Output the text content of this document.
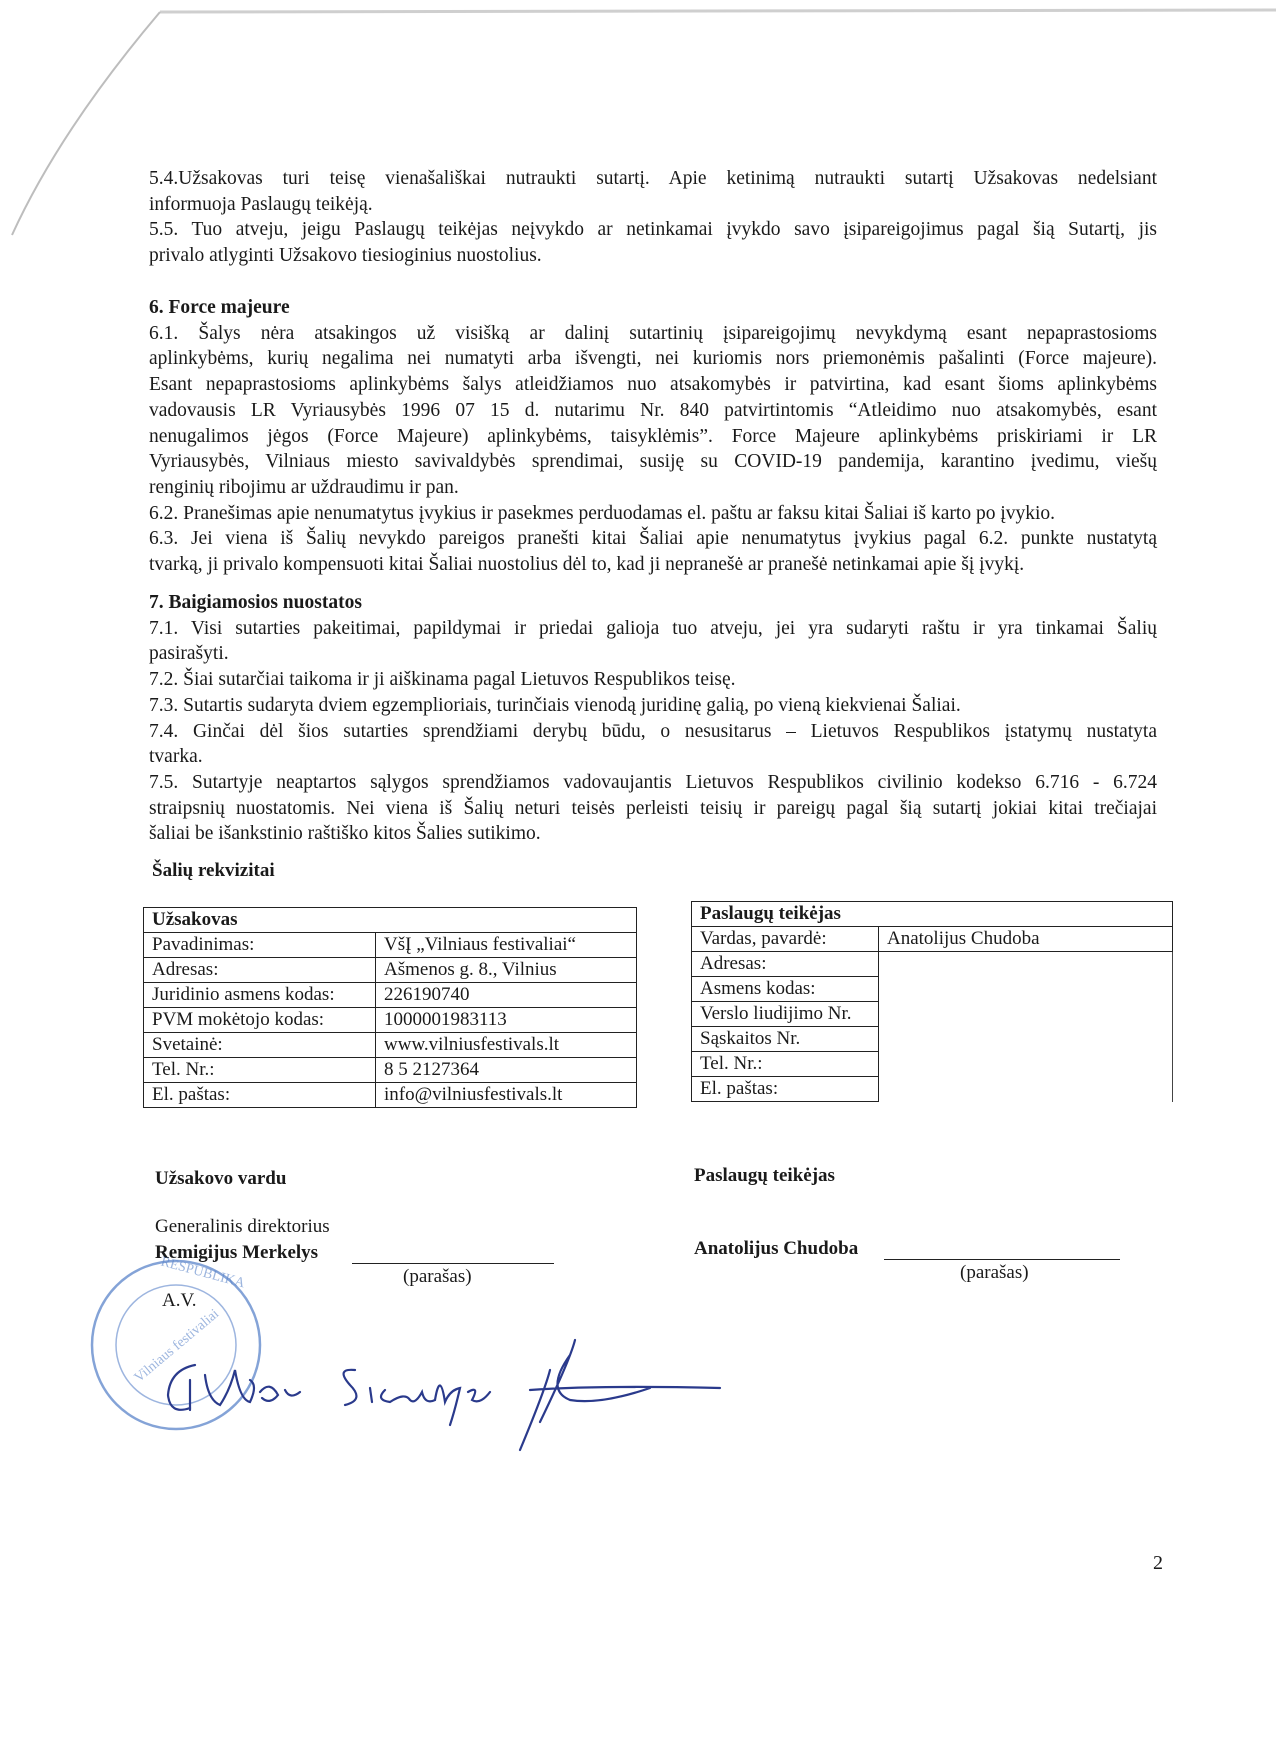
5.4.Užsakovas turi teisę vienašališkai nutraukti sutartį. Apie ketinimą nutraukti sutartį Užsakovas nedelsiant
informuoja Paslaugų teikėją.
5.5. Tuo atveju, jeigu Paslaugų teikėjas neįvykdo ar netinkamai įvykdo savo įsipareigojimus pagal šią Sutartį, jis
privalo atlyginti Užsakovo tiesioginius nuostolius.
6. Force majeure
6.1. Šalys nėra atsakingos už visišką ar dalinį sutartinių įsipareigojimų nevykdymą esant nepaprastosioms
aplinkybėms, kurių negalima nei numatyti arba išvengti, nei kuriomis nors priemonėmis pašalinti (Force majeure).
Esant nepaprastosioms aplinkybėms šalys atleidžiamos nuo atsakomybės ir patvirtina, kad esant šioms aplinkybėms
vadovausis LR Vyriausybės 1996 07 15 d. nutarimu Nr. 840 patvirtintomis “Atleidimo nuo atsakomybės, esant
nenugalimos jėgos (Force Majeure) aplinkybėms, taisyklėmis”. Force Majeure aplinkybėms priskiriami ir LR
Vyriausybės, Vilniaus miesto savivaldybės sprendimai, susiję su COVID-19 pandemija, karantino įvedimu, viešų
renginių ribojimu ar uždraudimu ir pan.
6.2. Pranešimas apie nenumatytus įvykius ir pasekmes perduodamas el. paštu ar faksu kitai Šaliai iš karto po įvykio.
6.3. Jei viena iš Šalių nevykdo pareigos pranešti kitai Šaliai apie nenumatytus įvykius pagal 6.2. punkte nustatytą
tvarką, ji privalo kompensuoti kitai Šaliai nuostolius dėl to, kad ji nepranešė ar pranešė netinkamai apie šį įvykį.
7. Baigiamosios nuostatos
7.1. Visi sutarties pakeitimai, papildymai ir priedai galioja tuo atveju, jei yra sudaryti raštu ir yra tinkamai Šalių
pasirašyti.
7.2. Šiai sutarčiai taikoma ir ji aiškinama pagal Lietuvos Respublikos teisę.
7.3. Sutartis sudaryta dviem egzemplioriais, turinčiais vienodą juridinę galią, po vieną kiekvienai Šaliai.
7.4. Ginčai dėl šios sutarties sprendžiami derybų būdu, o nesusitarus – Lietuvos Respublikos įstatymų nustatyta
tvarka.
7.5. Sutartyje neaptartos sąlygos sprendžiamos vadovaujantis Lietuvos Respublikos civilinio kodekso 6.716 - 6.724
straipsnių nuostatomis. Nei viena iš Šalių neturi teisės perleisti teisių ir pareigų pagal šią sutartį jokiai kitai trečiajai
šaliai be išankstinio raštiško kitos Šalies sutikimo.
Šalių rekvizitai
Užsakovas	
Pavadinimas:	VšĮ „Vilniaus festivaliai“
Adresas:	Ašmenos g. 8., Vilnius
Juridinio asmens kodas:	226190740
PVM mokėtojo kodas:	1000001983113
Svetainė:	www.vilniusfestivals.lt
Tel. Nr.:	8 5 2127364
El. paštas:	info@vilniusfestivals.lt
Paslaugų teikėjas	
Vardas, pavardė:	Anatolijus Chudoba
Adresas:	
Asmens kodas:	
Verslo liudijimo Nr.	
Sąskaitos Nr.	
Tel. Nr.:	
El. paštas:	
Užsakovo vardu
Generalinis direktorius
Remigijus Merkelys
(parašas)
Paslaugų teikėjas
Anatolijus Chudoba
(parašas)
Vilniaus festivaliai
RESPUBLIKA
A.V.
2
